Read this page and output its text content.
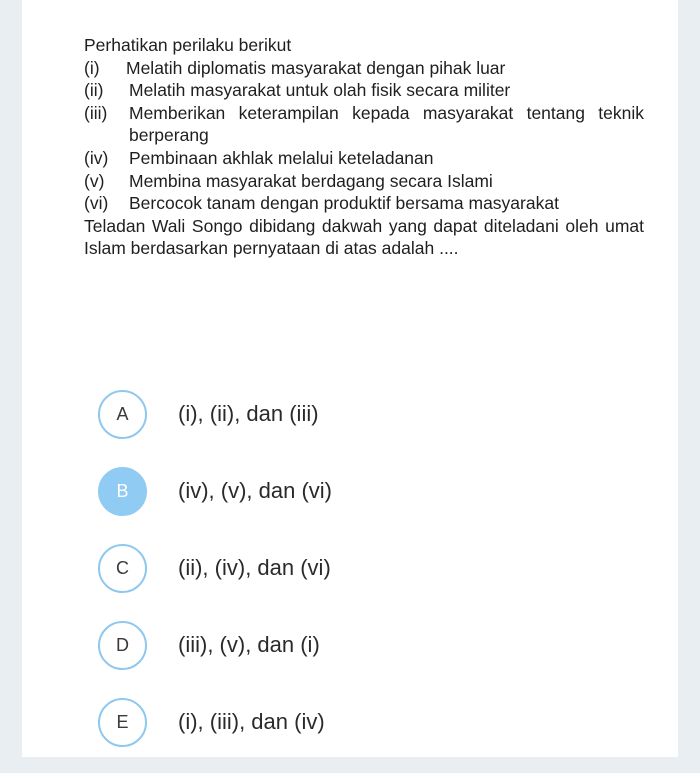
Perhatikan perilaku berikut

(i)	Melatih diplomatis masyarakat dengan pihak luar
(ii)	Melatih masyarakat untuk olah fisik secara militer
(iii)	Memberikan keterampilan kepada masyarakat tentang teknik berperang
(iv)	Pembinaan akhlak melalui keteladanan
(v)	Membina masyarakat berdagang secara Islami
(vi)	Bercocok tanam dengan produktif bersama masyarakat

Teladan Wali Songo dibidang dakwah yang dapat diteladani oleh umat Islam berdasarkan pernyataan di atas adalah ....

A	(i), (ii), dan (iii)
B	(iv), (v), dan (vi)
C	(ii), (iv), dan (vi)
D	(iii), (v), dan (i)
E	(i), (iii), dan (iv)
